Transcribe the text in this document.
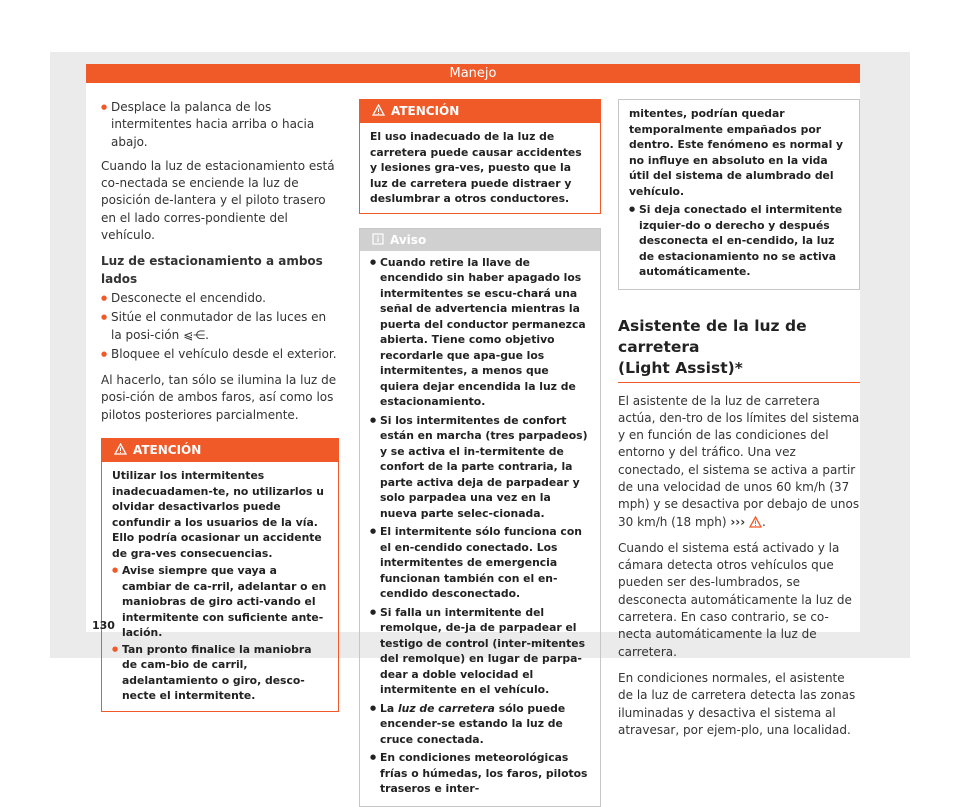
Manejo
● Desplace la palanca de los intermitentes hacia arriba o hacia abajo.

Cuando la luz de estacionamiento está co-nectada se enciende la luz de posición de-lantera y el piloto trasero en el lado corres-pondiente del vehículo.

Luz de estacionamiento a ambos lados
● Desconecte el encendido.
● Sitúe el conmutador de las luces en la posi-ción ⩿⋲.
● Bloquee el vehículo desde el exterior.

Al hacerlo, tan sólo se ilumina la luz de posi-ción de ambos faros, así como los pilotos posteriores parcialmente.

ATENCIÓN
Utilizar los intermitentes inadecuadamen-te, no utilizarlos u olvidar desactivarlos puede confundir a los usuarios de la vía. Ello podría ocasionar un accidente de gra-ves consecuencias.
● Avise siempre que vaya a cambiar de ca-rril, adelantar o en maniobras de giro acti-vando el intermitente con suficiente ante-lación.
● Tan pronto finalice la maniobra de cam-bio de carril, adelantamiento o giro, desco-necte el intermitente.
ATENCIÓN
El uso inadecuado de la luz de carretera puede causar accidentes y lesiones gra-ves, puesto que la luz de carretera puede distraer y deslumbrar a otros conductores.
Aviso
● Cuando retire la llave de encendido sin haber apagado los intermitentes se escu-chará una señal de advertencia mientras la puerta del conductor permanezca abierta. Tiene como objetivo recordarle que apa-gue los intermitentes, a menos que quiera dejar encendida la luz de estacionamiento.
● Si los intermitentes de confort están en marcha (tres parpadeos) y se activa el in-termitente de confort de la parte contraria, la parte activa deja de parpadear y solo parpadea una vez en la nueva parte selec-cionada.
● El intermitente sólo funciona con el en-cendido conectado. Los intermitentes de emergencia funcionan también con el en-cendido desconectado.
● Si falla un intermitente del remolque, de-ja de parpadear el testigo de control (inter-mitentes del remolque) en lugar de parpa-dear a doble velocidad el intermitente en el vehículo.
● La luz de carretera sólo puede encender-se estando la luz de cruce conectada.
● En condiciones meteorológicas frías o húmedas, los faros, pilotos traseros e inter-
mitentes, podrían quedar temporalmente empañados por dentro. Este fenómeno es normal y no influye en absoluto en la vida útil del sistema de alumbrado del vehículo.
● Si deja conectado el intermitente izquier-do o derecho y después desconecta el en-cendido, la luz de estacionamiento no se activa automáticamente.
Asistente de la luz de carretera
(Light Assist)*

El asistente de la luz de carretera actúa, den-tro de los límites del sistema y en función de las condiciones del entorno y del tráfico. Una vez conectado, el sistema se activa a partir de una velocidad de unos 60 km/h (37 mph) y se desactiva por debajo de unos 30 km/h (18 mph) ››› .

Cuando el sistema está activado y la cámara detecta otros vehículos que pueden ser des-lumbrados, se desconecta automáticamente la luz de carretera. En caso contrario, se co-necta automáticamente la luz de carretera.

En condiciones normales, el asistente de la luz de carretera detecta las zonas iluminadas y desactiva el sistema al atravesar, por ejem-plo, una localidad.

130
